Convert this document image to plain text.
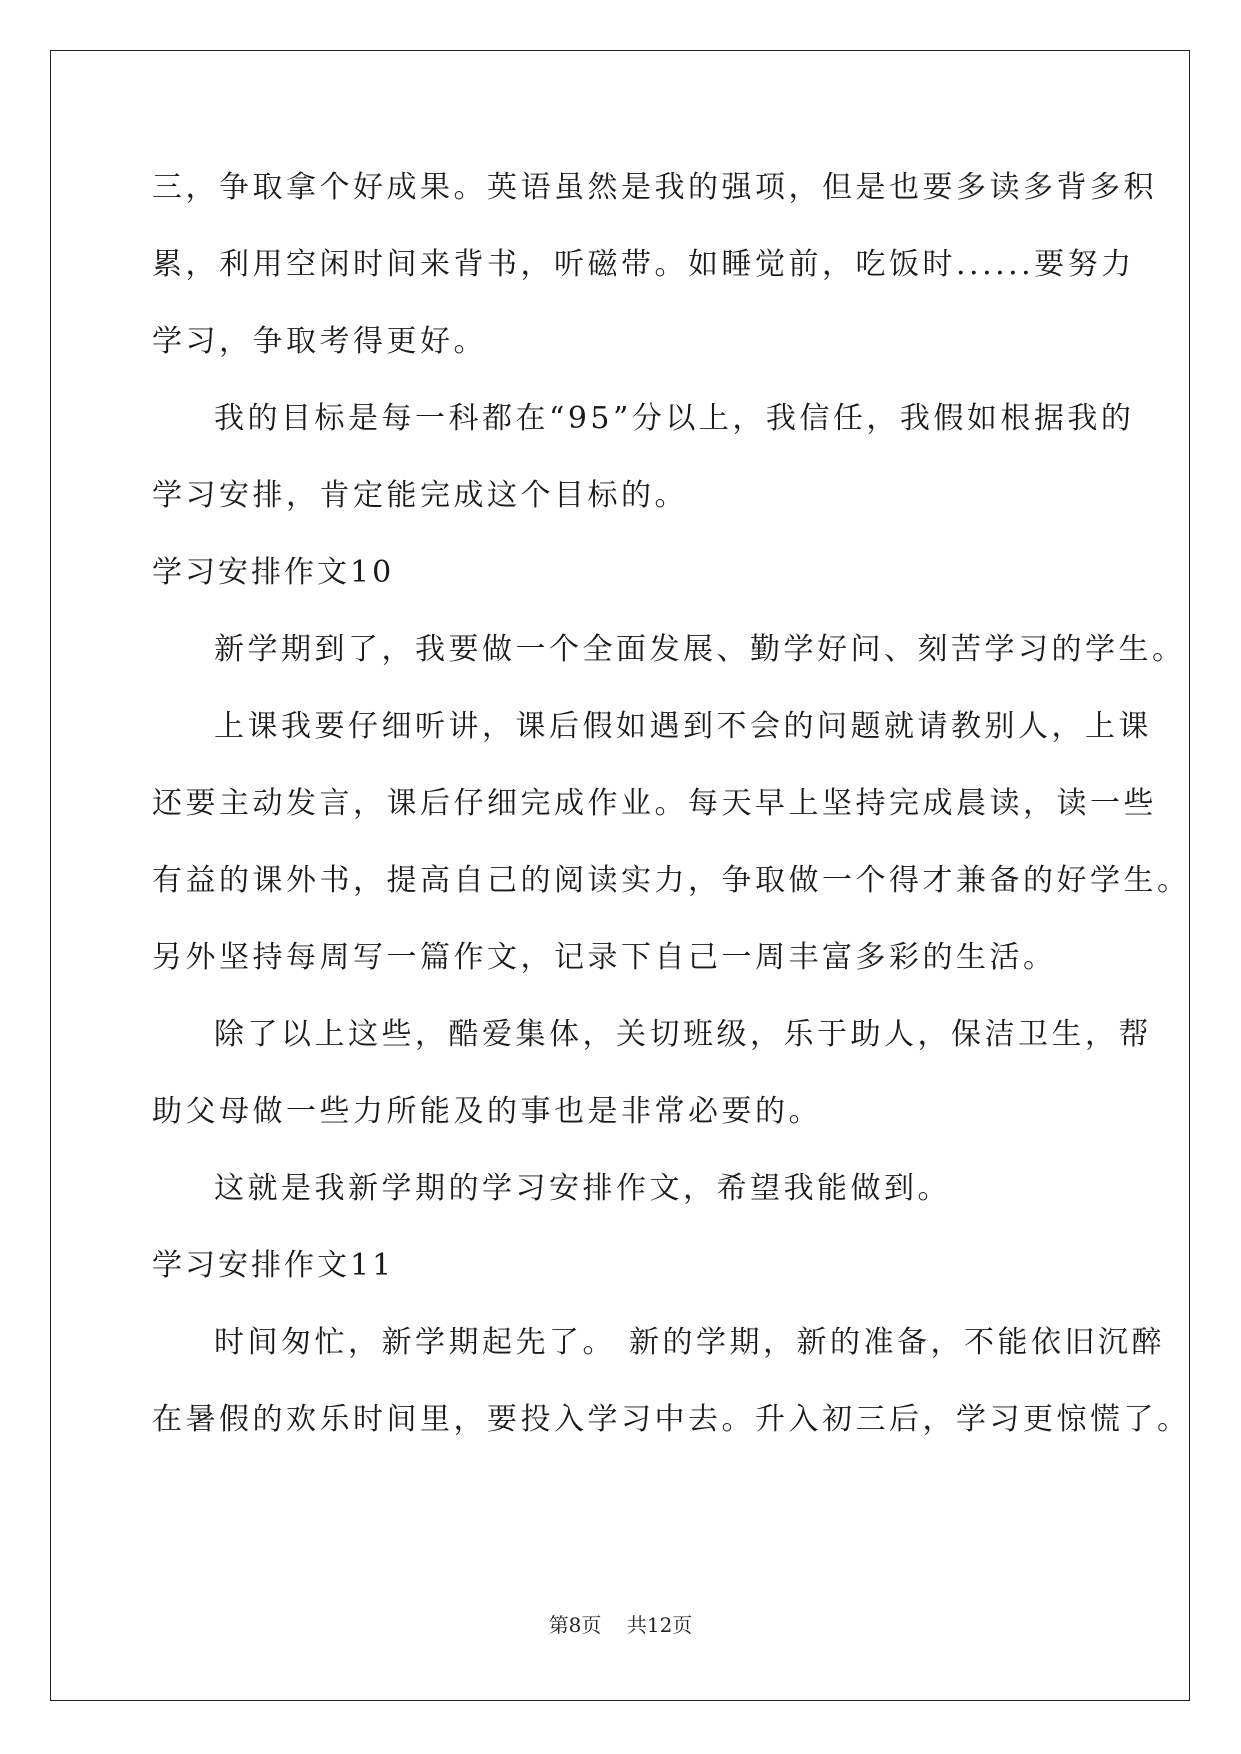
三，争取拿个好成果。英语虽然是我的强项，但是也要多读多背多积
累，利用空闲时间来背书，听磁带。如睡觉前，吃饭时......要努力
学习，争取考得更好。
我的目标是每一科都在“95”分以上，我信任，我假如根据我的
学习安排，肯定能完成这个目标的。
学习安排作文10
新学期到了，我要做一个全面发展、勤学好问、刻苦学习的学生。
上课我要仔细听讲，课后假如遇到不会的问题就请教别人，上课
还要主动发言，课后仔细完成作业。每天早上坚持完成晨读，读一些
有益的课外书，提高自己的阅读实力，争取做一个得才兼备的好学生。
另外坚持每周写一篇作文，记录下自己一周丰富多彩的生活。
除了以上这些，酷爱集体，关切班级，乐于助人，保洁卫生，帮
助父母做一些力所能及的事也是非常必要的。
这就是我新学期的学习安排作文，希望我能做到。
学习安排作文11
时间匆忙，新学期起先了。 新的学期，新的准备，不能依旧沉醉
在暑假的欢乐时间里，要投入学习中去。升入初三后，学习更惊慌了。
第8页 共12页
